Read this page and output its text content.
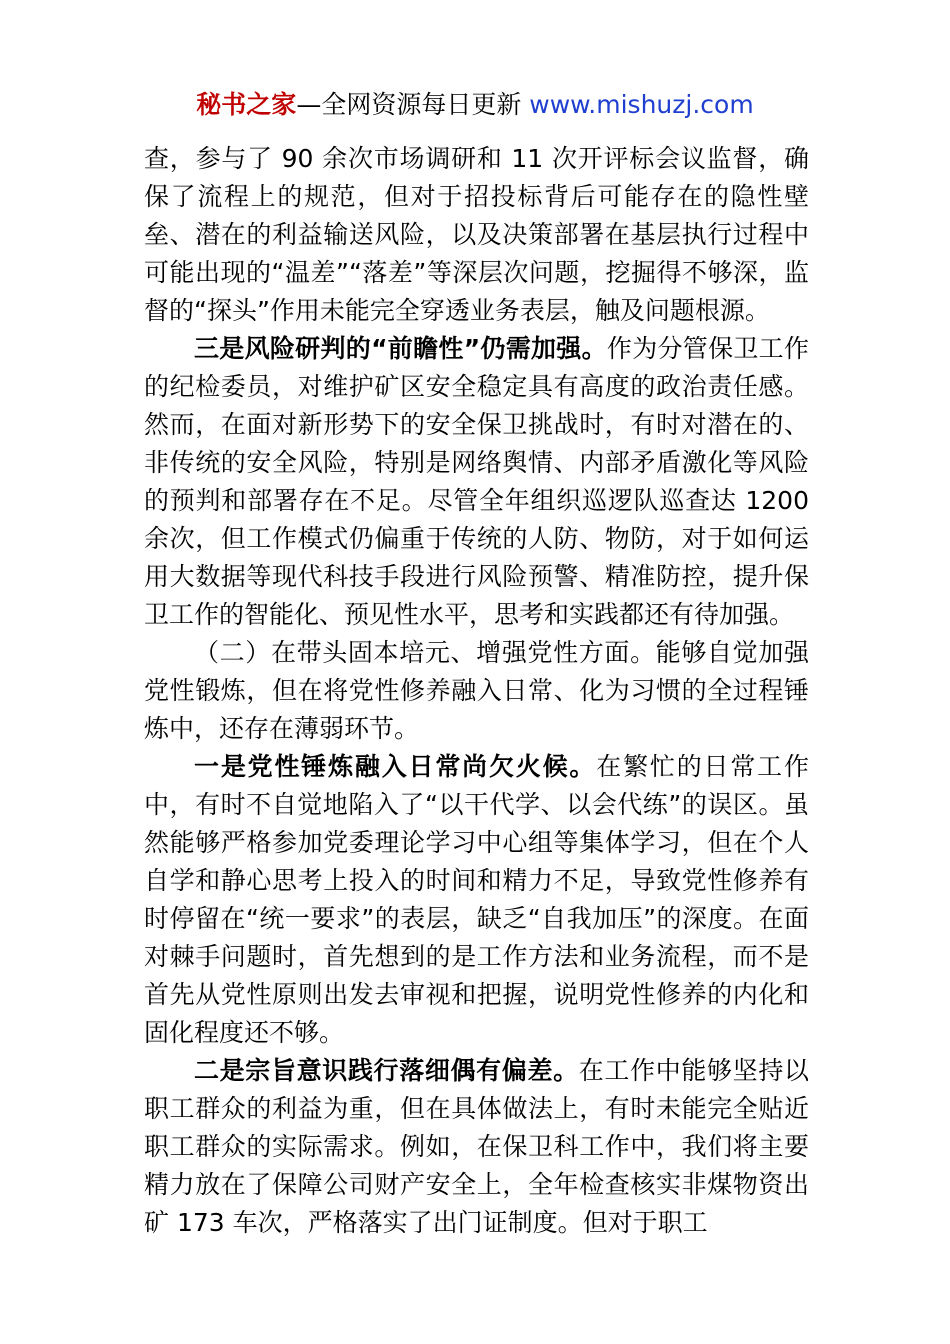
秘书之家—全网资源每日更新 www.mishuzj.com

查，参与了 90 余次市场调研和 11 次开评标会议监督，确保了流程上的规范，但对于招投标背后可能存在的隐性壁垒、潜在的利益输送风险，以及决策部署在基层执行过程中可能出现的“温差”“落差”等深层次问题，挖掘得不够深，监督的“探头”作用未能完全穿透业务表层，触及问题根源。

三是风险研判的“前瞻性”仍需加强。作为分管保卫工作的纪检委员，对维护矿区安全稳定具有高度的政治责任感。然而，在面对新形势下的安全保卫挑战时，有时对潜在的、非传统的安全风险，特别是网络舆情、内部矛盾激化等风险的预判和部署存在不足。尽管全年组织巡逻队巡查达 1200 余次，但工作模式仍偏重于传统的人防、物防，对于如何运用大数据等现代科技手段进行风险预警、精准防控，提升保卫工作的智能化、预见性水平，思考和实践都还有待加强。

（二）在带头固本培元、增强党性方面。能够自觉加强党性锻炼，但在将党性修养融入日常、化为习惯的全过程锤炼中，还存在薄弱环节。

一是党性锤炼融入日常尚欠火候。在繁忙的日常工作中，有时不自觉地陷入了“以干代学、以会代练”的误区。虽然能够严格参加党委理论学习中心组等集体学习，但在个人自学和静心思考上投入的时间和精力不足，导致党性修养有时停留在“统一要求”的表层，缺乏“自我加压”的深度。在面对棘手问题时，首先想到的是工作方法和业务流程，而不是首先从党性原则出发去审视和把握，说明党性修养的内化和固化程度还不够。

二是宗旨意识践行落细偶有偏差。在工作中能够坚持以职工群众的利益为重，但在具体做法上，有时未能完全贴近职工群众的实际需求。例如，在保卫科工作中，我们将主要精力放在了保障公司财产安全上，全年检查核实非煤物资出矿 173 车次，严格落实了出门证制度。但对于职工
